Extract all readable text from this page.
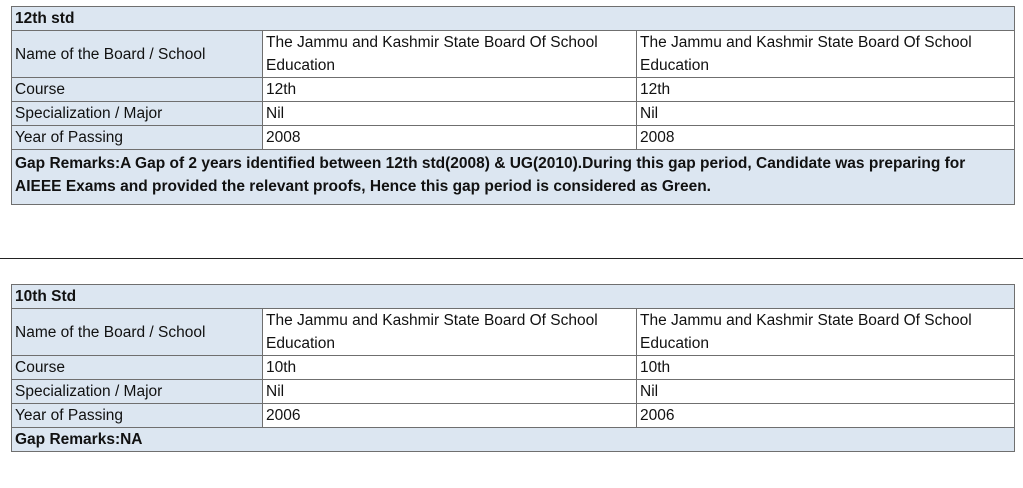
12th std		
Name of the Board / School	The Jammu and Kashmir State Board Of School Education	The Jammu and Kashmir State Board Of School Education
Course	12th	12th
Specialization / Major	Nil	Nil
Year of Passing	2008	2008
Gap Remarks:A Gap of 2 years identified between 12th std(2008) & UG(2010).During this gap period, Candidate was preparing for AIEEE Exams and provided the relevant proofs, Hence this gap period is considered as Green.		
10th Std		
Name of the Board / School	The Jammu and Kashmir State Board Of School Education	The Jammu and Kashmir State Board Of School Education
Course	10th	10th
Specialization / Major	Nil	Nil
Year of Passing	2006	2006
Gap Remarks:NA		
